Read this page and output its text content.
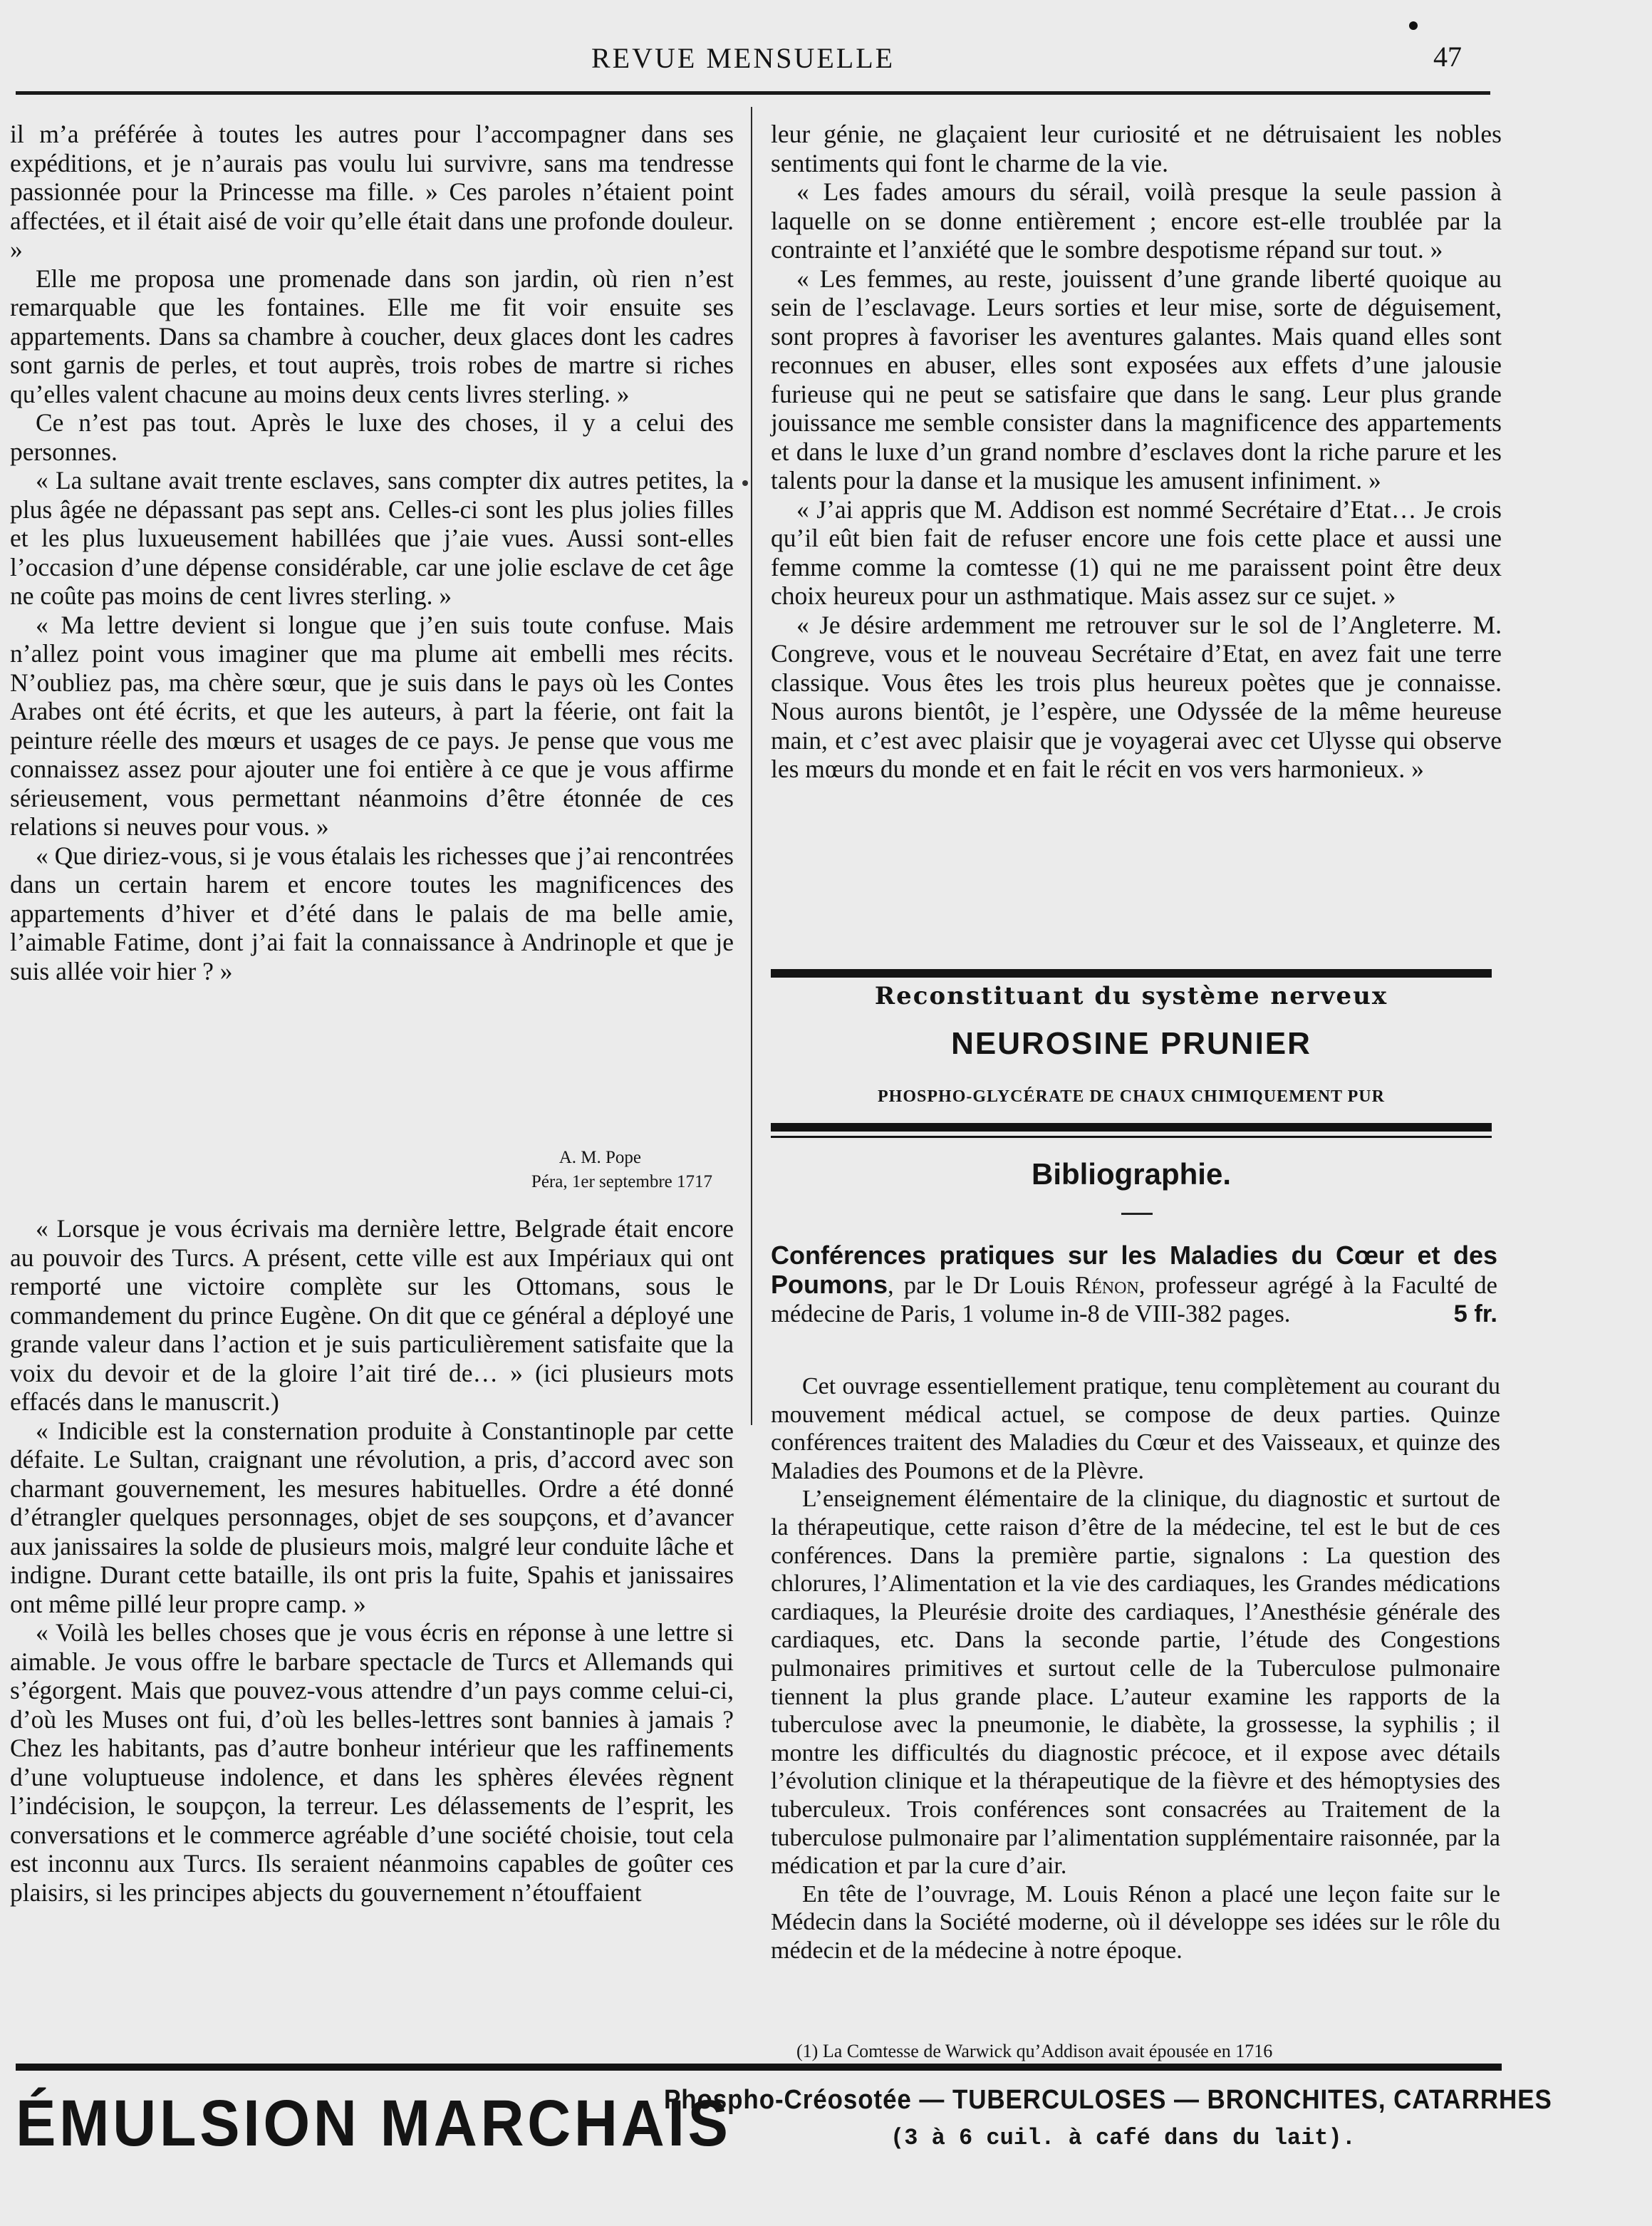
REVUE MENSUELLE	47

il m’a préférée à toutes les autres pour l’accompagner dans ses expéditions, et je n’aurais pas voulu lui survivre, sans ma tendresse passionnée pour la Princesse ma fille. » Ces paroles n’étaient point affectées, et il était aisé de voir qu’elle était dans une profonde douleur. »

Elle me proposa une promenade dans son jardin, où rien n’est remarquable que les fontaines. Elle me fit voir ensuite ses appartements. Dans sa chambre à coucher, deux glaces dont les cadres sont garnis de perles, et tout auprès, trois robes de martre si riches qu’elles valent chacune au moins deux cents livres sterling. »

Ce n’est pas tout. Après le luxe des choses, il y a celui des personnes.

« La sultane avait trente esclaves, sans compter dix autres petites, la plus âgée ne dépassant pas sept ans. Celles-ci sont les plus jolies filles et les plus luxueusement habillées que j’aie vues. Aussi sont-elles l’occasion d’une dépense considérable, car une jolie esclave de cet âge ne coûte pas moins de cent livres sterling. »

« Ma lettre devient si longue que j’en suis toute confuse. Mais n’allez point vous imaginer que ma plume ait embelli mes récits. N’oubliez pas, ma chère sœur, que je suis dans le pays où les Contes Arabes ont été écrits, et que les auteurs, à part la féerie, ont fait la peinture réelle des mœurs et usages de ce pays. Je pense que vous me connaissez assez pour ajouter une foi entière à ce que je vous affirme sérieusement, vous permettant néanmoins d’être étonnée de ces relations si neuves pour vous. »

« Que diriez-vous, si je vous étalais les richesses que j’ai rencontrées dans un certain harem et encore toutes les magnificences des appartements d’hiver et d’été dans le palais de ma belle amie, l’aimable Fatime, dont j’ai fait la connaissance à Andrinople et que je suis allée voir hier ? »

A. M. Pope
Péra, 1er septembre 1717

« Lorsque je vous écrivais ma dernière lettre, Belgrade était encore au pouvoir des Turcs. A présent, cette ville est aux Impériaux qui ont remporté une victoire complète sur les Ottomans, sous le commandement du prince Eugène. On dit que ce général a déployé une grande valeur dans l’action et je suis particulièrement satisfaite que la voix du devoir et de la gloire l’ait tiré de… » (ici plusieurs mots effacés dans le manuscrit.)

« Indicible est la consternation produite à Constantinople par cette défaite. Le Sultan, craignant une révolution, a pris, d’accord avec son charmant gouvernement, les mesures habituelles. Ordre a été donné d’étrangler quelques personnages, objet de ses soupçons, et d’avancer aux janissaires la solde de plusieurs mois, malgré leur conduite lâche et indigne. Durant cette bataille, ils ont pris la fuite, Spahis et janissaires ont même pillé leur propre camp. »

« Voilà les belles choses que je vous écris en réponse à une lettre si aimable. Je vous offre le barbare spectacle de Turcs et Allemands qui s’égorgent. Mais que pouvez-vous attendre d’un pays comme celui-ci, d’où les Muses ont fui, d’où les belles-lettres sont bannies à jamais ? Chez les habitants, pas d’autre bonheur intérieur que les raffinements d’une voluptueuse indolence, et dans les sphères élevées règnent l’indécision, le soupçon, la terreur. Les délassements de l’esprit, les conversations et le commerce agréable d’une société choisie, tout cela est inconnu aux Turcs. Ils seraient néanmoins capables de goûter ces plaisirs, si les principes abjects du gouvernement n’étouffaient

leur génie, ne glaçaient leur curiosité et ne détruisaient les nobles sentiments qui font le charme de la vie.

« Les fades amours du sérail, voilà presque la seule passion à laquelle on se donne entièrement ; encore est-elle troublée par la contrainte et l’anxiété que le sombre despotisme répand sur tout. »

« Les femmes, au reste, jouissent d’une grande liberté quoique au sein de l’esclavage. Leurs sorties et leur mise, sorte de déguisement, sont propres à favoriser les aventures galantes. Mais quand elles sont reconnues en abuser, elles sont exposées aux effets d’une jalousie furieuse qui ne peut se satisfaire que dans le sang. Leur plus grande jouissance me semble consister dans la magnificence des appartements et dans le luxe d’un grand nombre d’esclaves dont la riche parure et les talents pour la danse et la musique les amusent infiniment. »

« J’ai appris que M. Addison est nommé Secrétaire d’Etat… Je crois qu’il eût bien fait de refuser encore une fois cette place et aussi une femme comme la comtesse (1) qui ne me paraissent point être deux choix heureux pour un asthmatique. Mais assez sur ce sujet. »

« Je désire ardemment me retrouver sur le sol de l’Angleterre. M. Congreve, vous et le nouveau Secrétaire d’Etat, en avez fait une terre classique. Vous êtes les trois plus heureux poètes que je connaisse. Nous aurons bientôt, je l’espère, une Odyssée de la même heureuse main, et c’est avec plaisir que je voyagerai avec cet Ulysse qui observe les mœurs du monde et en fait le récit en vos vers harmonieux. »

Reconstituant du système nerveux
NEUROSINE PRUNIER
PHOSPHO-GLYCÉRATE DE CHAUX CHIMIQUEMENT PUR
Bibliographie.
Conférences pratiques sur les Maladies du Cœur et des Poumons, par le Dr Louis Rénon, professeur agrégé à la Faculté de médecine de Paris, 1 volume in-8 de VIII-382 pages.	5 fr.

Cet ouvrage essentiellement pratique, tenu complètement au courant du mouvement médical actuel, se compose de deux parties. Quinze conférences traitent des Maladies du Cœur et des Vaisseaux, et quinze des Maladies des Poumons et de la Plèvre.

L’enseignement élémentaire de la clinique, du diagnostic et surtout de la thérapeutique, cette raison d’être de la médecine, tel est le but de ces conférences. Dans la première partie, signalons : La question des chlorures, l’Alimentation et la vie des cardiaques, les Grandes médications cardiaques, la Pleurésie droite des cardiaques, l’Anesthésie générale des cardiaques, etc. Dans la seconde partie, l’étude des Congestions pulmonaires primitives et surtout celle de la Tuberculose pulmonaire tiennent la plus grande place. L’auteur examine les rapports de la tuberculose avec la pneumonie, le diabète, la grossesse, la syphilis ; il montre les difficultés du diagnostic précoce, et il expose avec détails l’évolution clinique et la thérapeutique de la fièvre et des hémoptysies des tuberculeux. Trois conférences sont consacrées au Traitement de la tuberculose pulmonaire par l’alimentation supplémentaire raisonnée, par la médication et par la cure d’air.

En tête de l’ouvrage, M. Louis Rénon a placé une leçon faite sur le Médecin dans la Société moderne, où il développe ses idées sur le rôle du médecin et de la médecine à notre époque.

(1) La Comtesse de Warwick qu’Addison avait épousée en 1716
ÉMULSION MARCHAIS
Phospho-Créosotée — TUBERCULOSES — BRONCHITES, CATARRHES
(3 à 6 cuil. à café dans du lait).
